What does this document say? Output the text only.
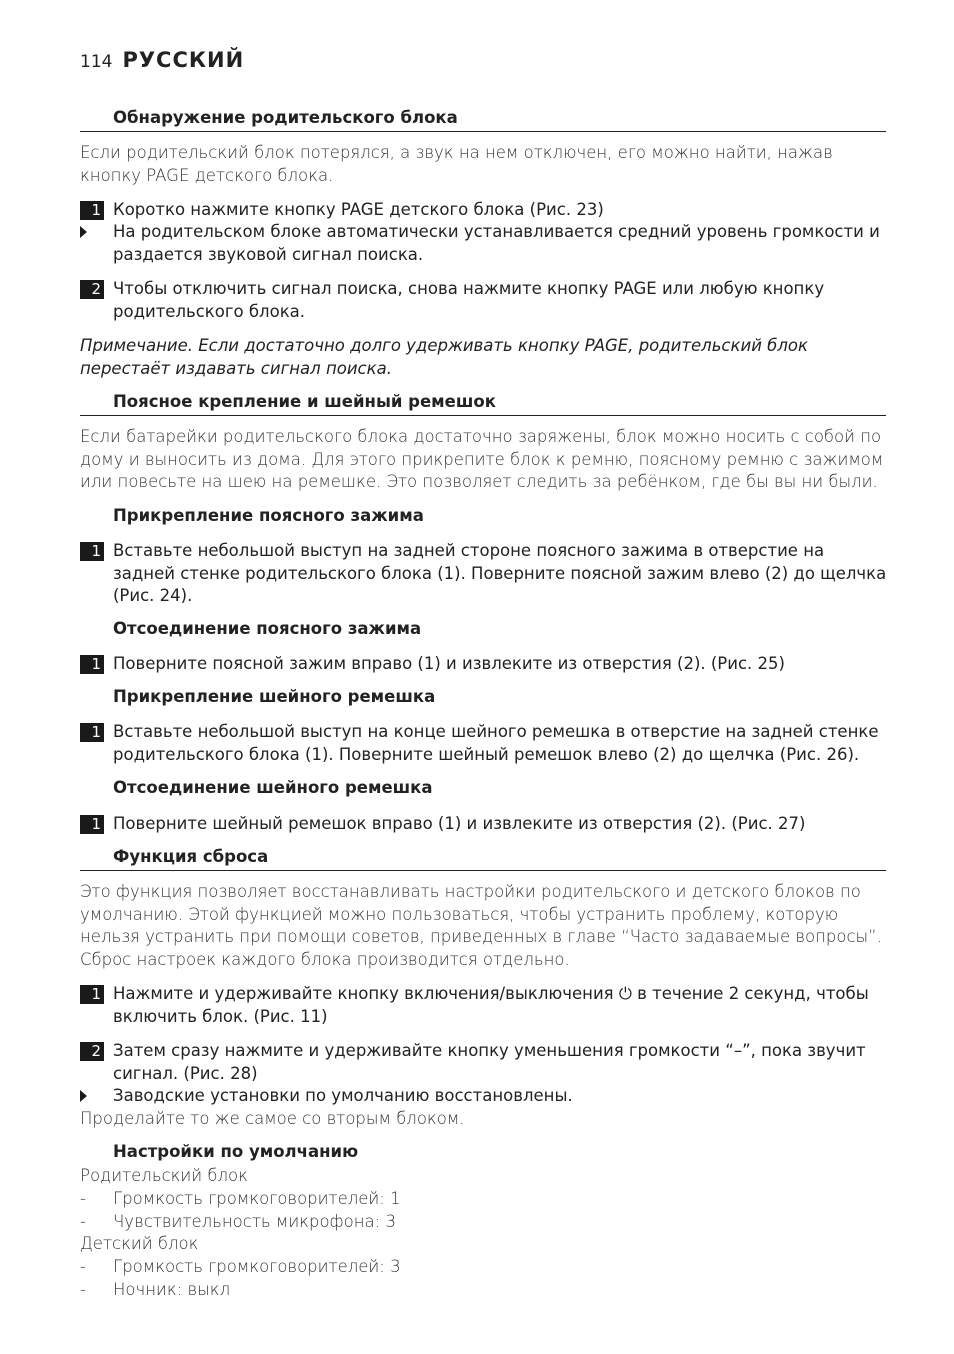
114 РУССКИЙ
Обнаружение родительского блока
Если родительский блок потерялся, а звук на нем отключен, его можно найти, нажав кнопку PAGE детского блока.
1 Коротко нажмите кнопку PAGE детского блока (Рис. 23)
На родительском блоке автоматически устанавливается средний уровень громкости и раздается звуковой сигнал поиска.
2 Чтобы отключить сигнал поиска, снова нажмите кнопку PAGE или любую кнопку родительского блока.
Примечание. Если достаточно долго удерживать кнопку PAGE, родительский блок перестаёт издавать сигнал поиска.
Поясное крепление и шейный ремешок
Если батарейки родительского блока достаточно заряжены, блок можно носить с собой по дому и выносить из дома. Для этого прикрепите блок к ремню, поясному ремню с зажимом или повесьте на шею на ремешке. Это позволяет следить за ребёнком, где бы вы ни были.
Прикрепление поясного зажима
1 Вставьте небольшой выступ на задней стороне поясного зажима в отверстие на задней стенке родительского блока (1). Поверните поясной зажим влево (2) до щелчка (Рис. 24).
Отсоединение поясного зажима
1 Поверните поясной зажим вправо (1) и извлеките из отверстия (2). (Рис. 25)
Прикрепление шейного ремешка
1 Вставьте небольшой выступ на конце шейного ремешка в отверстие на задней стенке родительского блока (1). Поверните шейный ремешок влево (2) до щелчка (Рис. 26).
Отсоединение шейного ремешка
1 Поверните шейный ремешок вправо (1) и извлеките из отверстия (2). (Рис. 27)
Функция сброса
Это функция позволяет восстанавливать настройки родительского и детского блоков по умолчанию. Этой функцией можно пользоваться, чтобы устранить проблему, которую нельзя устранить при помощи советов, приведенных в главе “Часто задаваемые вопросы”. Сброс настроек каждого блока производится отдельно.
1 Нажмите и удерживайте кнопку включения/выключения ⏻ в течение 2 секунд, чтобы включить блок. (Рис. 11)
2 Затем сразу нажмите и удерживайте кнопку уменьшения громкости “–”, пока звучит сигнал. (Рис. 28)
Заводские установки по умолчанию восстановлены.
Проделайте то же самое со вторым блоком.
Настройки по умолчанию
Родительский блок
-	Громкость громкоговорителей: 1
-	Чувствительность микрофона: 3
Детский блок
-	Громкость громкоговорителей: 3
-	Ночник: выкл
